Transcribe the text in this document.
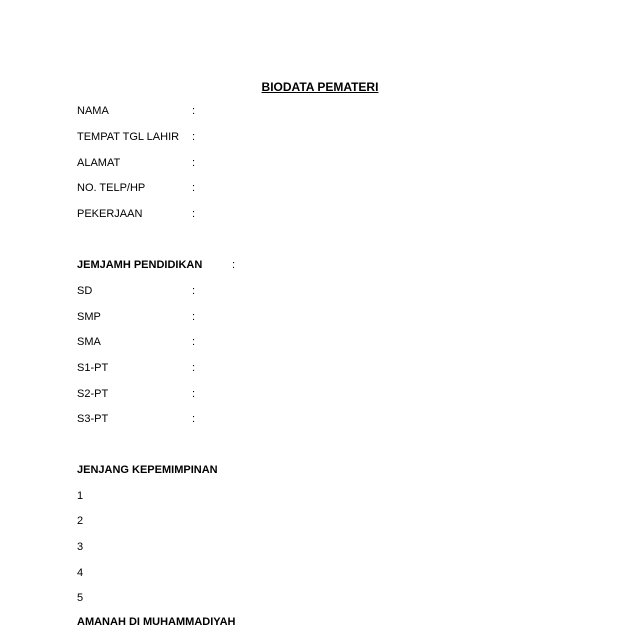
BIODATA PEMATERI
NAMA	:
TEMPAT TGL LAHIR :
ALAMAT	:
NO. TELP/HP	:
PEKERJAAN	:
JEMJAMH PENDIDIKAN	:
SD	:
SMP	:
SMA	:
S1-PT	:
S2-PT	:
S3-PT	:
JENJANG KEPEMIMPINAN
1
2
3
4
5
AMANAH DI MUHAMMADIYAH
